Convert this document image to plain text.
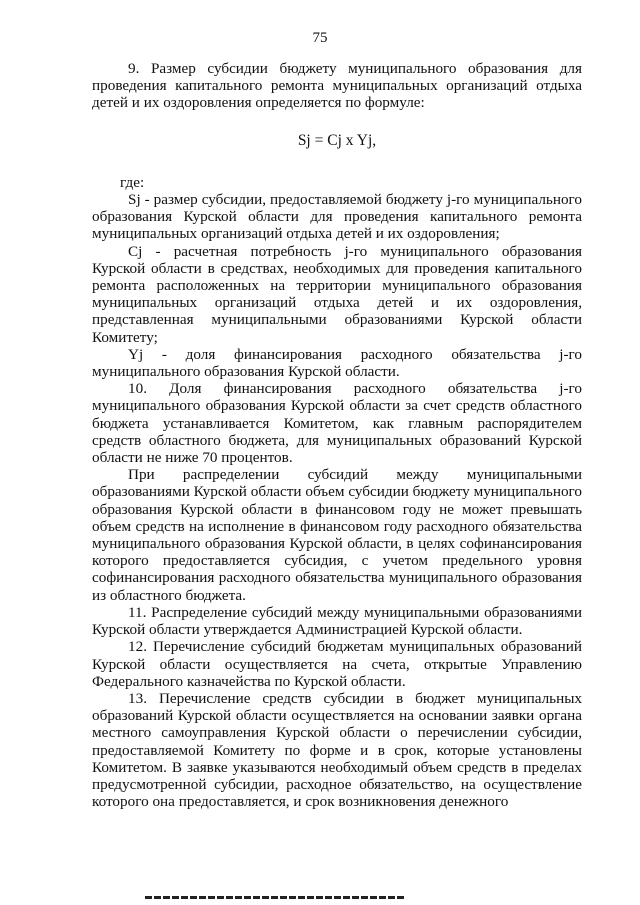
75

9. Размер субсидии бюджету муниципального образования для проведения капитального ремонта муниципальных организаций отдыха детей и их оздоровления определяется по формуле:

Sj = Cj x Yj,

где:

Sj - размер субсидии, предоставляемой бюджету j-го муниципального образования Курской области для проведения капитального ремонта муниципальных организаций отдыха детей и их оздоровления;

Cj - расчетная потребность j-го муниципального образования Курской области в средствах, необходимых для проведения капитального ремонта расположенных на территории муниципального образования муниципальных организаций отдыха детей и их оздоровления, представленная муниципальными образованиями Курской области Комитету;

Yj - доля финансирования расходного обязательства j-го муниципального образования Курской области.

10. Доля финансирования расходного обязательства j-го муниципального образования Курской области за счет средств областного бюджета устанавливается Комитетом, как главным распорядителем средств областного бюджета, для муниципальных образований Курской области не ниже 70 процентов.

При распределении субсидий между муниципальными образованиями Курской области объем субсидии бюджету муниципального образования Курской области в финансовом году не может превышать объем средств на исполнение в финансовом году расходного обязательства муниципального образования Курской области, в целях софинансирования которого предоставляется субсидия, с учетом предельного уровня софинансирования расходного обязательства муниципального образования из областного бюджета.

11. Распределение субсидий между муниципальными образованиями Курской области утверждается Администрацией Курской области.

12. Перечисление субсидий бюджетам муниципальных образований Курской области осуществляется на счета, открытые Управлению Федерального казначейства по Курской области.

13. Перечисление средств субсидии в бюджет муниципальных образований Курской области осуществляется на основании заявки органа местного самоуправления Курской области о перечислении субсидии, предоставляемой Комитету по форме и в срок, которые установлены Комитетом. В заявке указываются необходимый объем средств в пределах предусмотренной субсидии, расходное обязательство, на осуществление которого она предоставляется, и срок возникновения денежного
